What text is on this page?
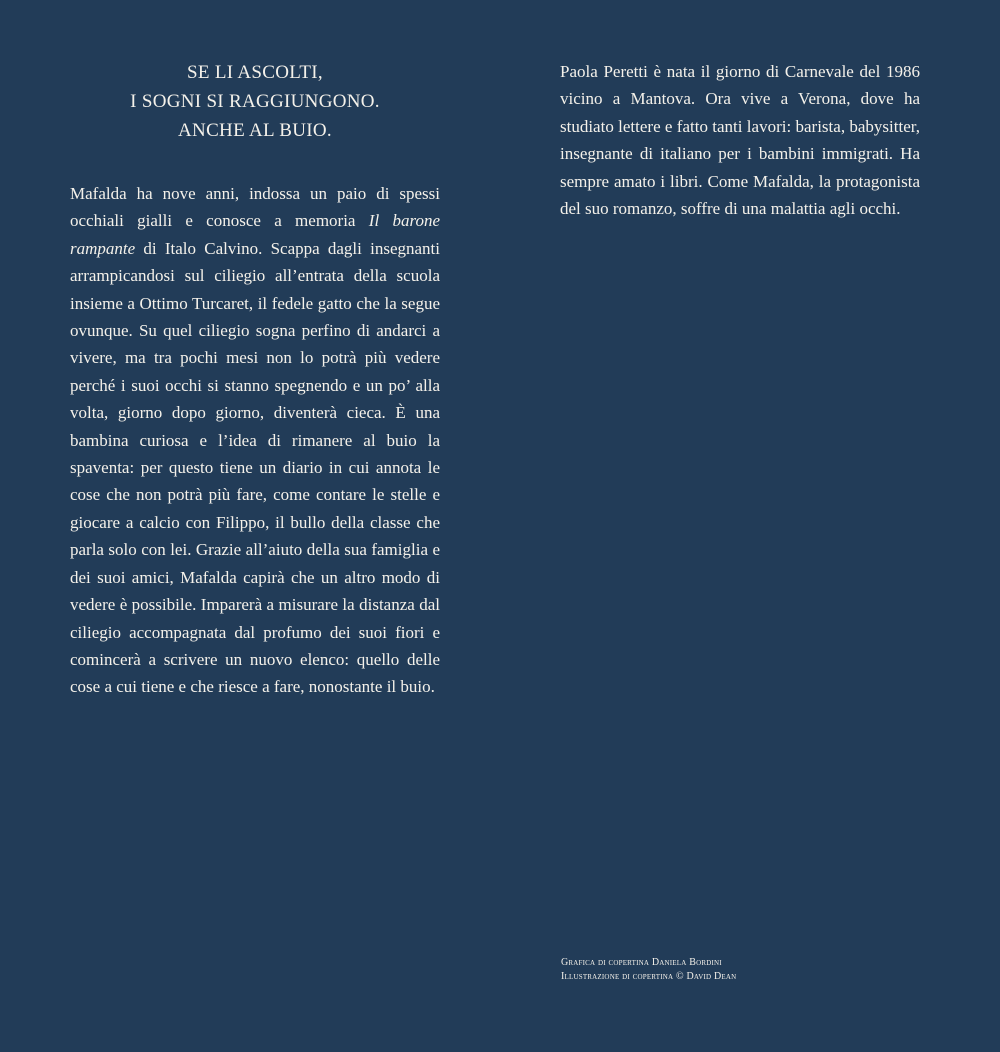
SE LI ASCOLTI,
I SOGNI SI RAGGIUNGONO.
ANCHE AL BUIO.

Mafalda ha nove anni, indossa un paio di spessi occhiali gialli e conosce a memoria Il barone rampante di Italo Calvino. Scappa dagli insegnanti arrampicandosi sul ciliegio all’entrata della scuola insieme a Ottimo Turcaret, il fedele gatto che la segue ovunque. Su quel ciliegio sogna perfino di andarci a vivere, ma tra pochi mesi non lo potrà più vedere perché i suoi occhi si stanno spegnendo e un po’ alla volta, giorno dopo giorno, diventerà cieca. È una bambina curiosa e l’idea di rimanere al buio la spaventa: per questo tiene un diario in cui annota le cose che non potrà più fare, come contare le stelle e giocare a calcio con Filippo, il bullo della classe che parla solo con lei. Grazie all’aiuto della sua famiglia e dei suoi amici, Mafalda capirà che un altro modo di vedere è possibile. Imparerà a misurare la distanza dal ciliegio accompagnata dal profumo dei suoi fiori e comincerà a scrivere un nuovo elenco: quello delle cose a cui tiene e che riesce a fare, nonostante il buio.

Paola Peretti è nata il giorno di Carnevale del 1986 vicino a Mantova. Ora vive a Verona, dove ha studiato lettere e fatto tanti lavori: barista, babysitter, insegnante di italiano per i bambini immigrati. Ha sempre amato i libri. Come Mafalda, la protagonista del suo romanzo, soffre di una malattia agli occhi.

Grafica di copertina Daniela Bordini
Illustrazione di copertina © David Dean
